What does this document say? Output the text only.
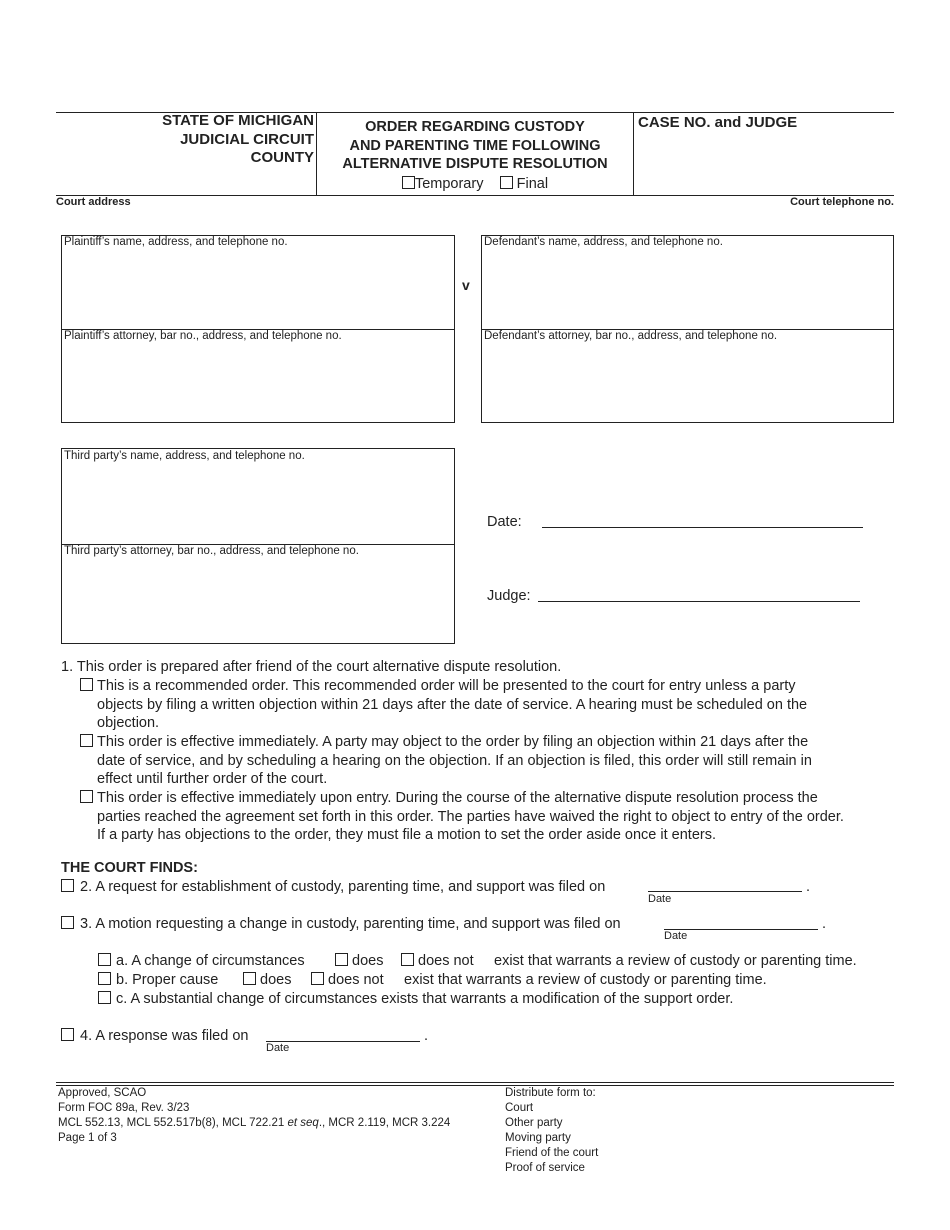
STATE OF MICHIGAN
JUDICIAL CIRCUIT
COUNTY
ORDER REGARDING CUSTODY
AND PARENTING TIME FOLLOWING
ALTERNATIVE DISPUTE RESOLUTION
Temporary Final
CASE NO. and JUDGE
Court address	Court telephone no.
Plaintiff’s name, address, and telephone no.
Plaintiff’s attorney, bar no., address, and telephone no.
v
Defendant’s name, address, and telephone no.
Defendant’s attorney, bar no., address, and telephone no.
Third party’s name, address, and telephone no.
Third party’s attorney, bar no., address, and telephone no.
Date:
Judge:
1. This order is prepared after friend of the court alternative dispute resolution.
This is a recommended order. This recommended order will be presented to the court for entry unless a party
objects by filing a written objection within 21 days after the date of service. A hearing must be scheduled on the
objection.
This order is effective immediately. A party may object to the order by filing an objection within 21 days after the
date of service, and by scheduling a hearing on the objection. If an objection is filed, this order will still remain in
effect until further order of the court.
This order is effective immediately upon entry. During the course of the alternative dispute resolution process the
parties reached the agreement set forth in this order. The parties have waived the right to object to entry of the order.
If a party has objections to the order, they must file a motion to set the order aside once it enters.
THE COURT FINDS:
2. A request for establishment of custody, parenting time, and support was filed on	.
Date
3. A motion requesting a change in custody, parenting time, and support was filed on	.
Date
a. A change of circumstances	does does not exist that warrants a review of custody or parenting time.
b. Proper cause	does	does not exist that warrants a review of custody or parenting time.
c. A substantial change of circumstances exists that warrants a modification of the support order.
4. A response was filed on	.
Date
Approved, SCAO
Form FOC 89a, Rev. 3/23
MCL 552.13, MCL 552.517b(8), MCL 722.21 et seq., MCR 2.119, MCR 3.224
Page 1 of 3
Distribute form to:
Court
Other party
Moving party
Friend of the court
Proof of service
